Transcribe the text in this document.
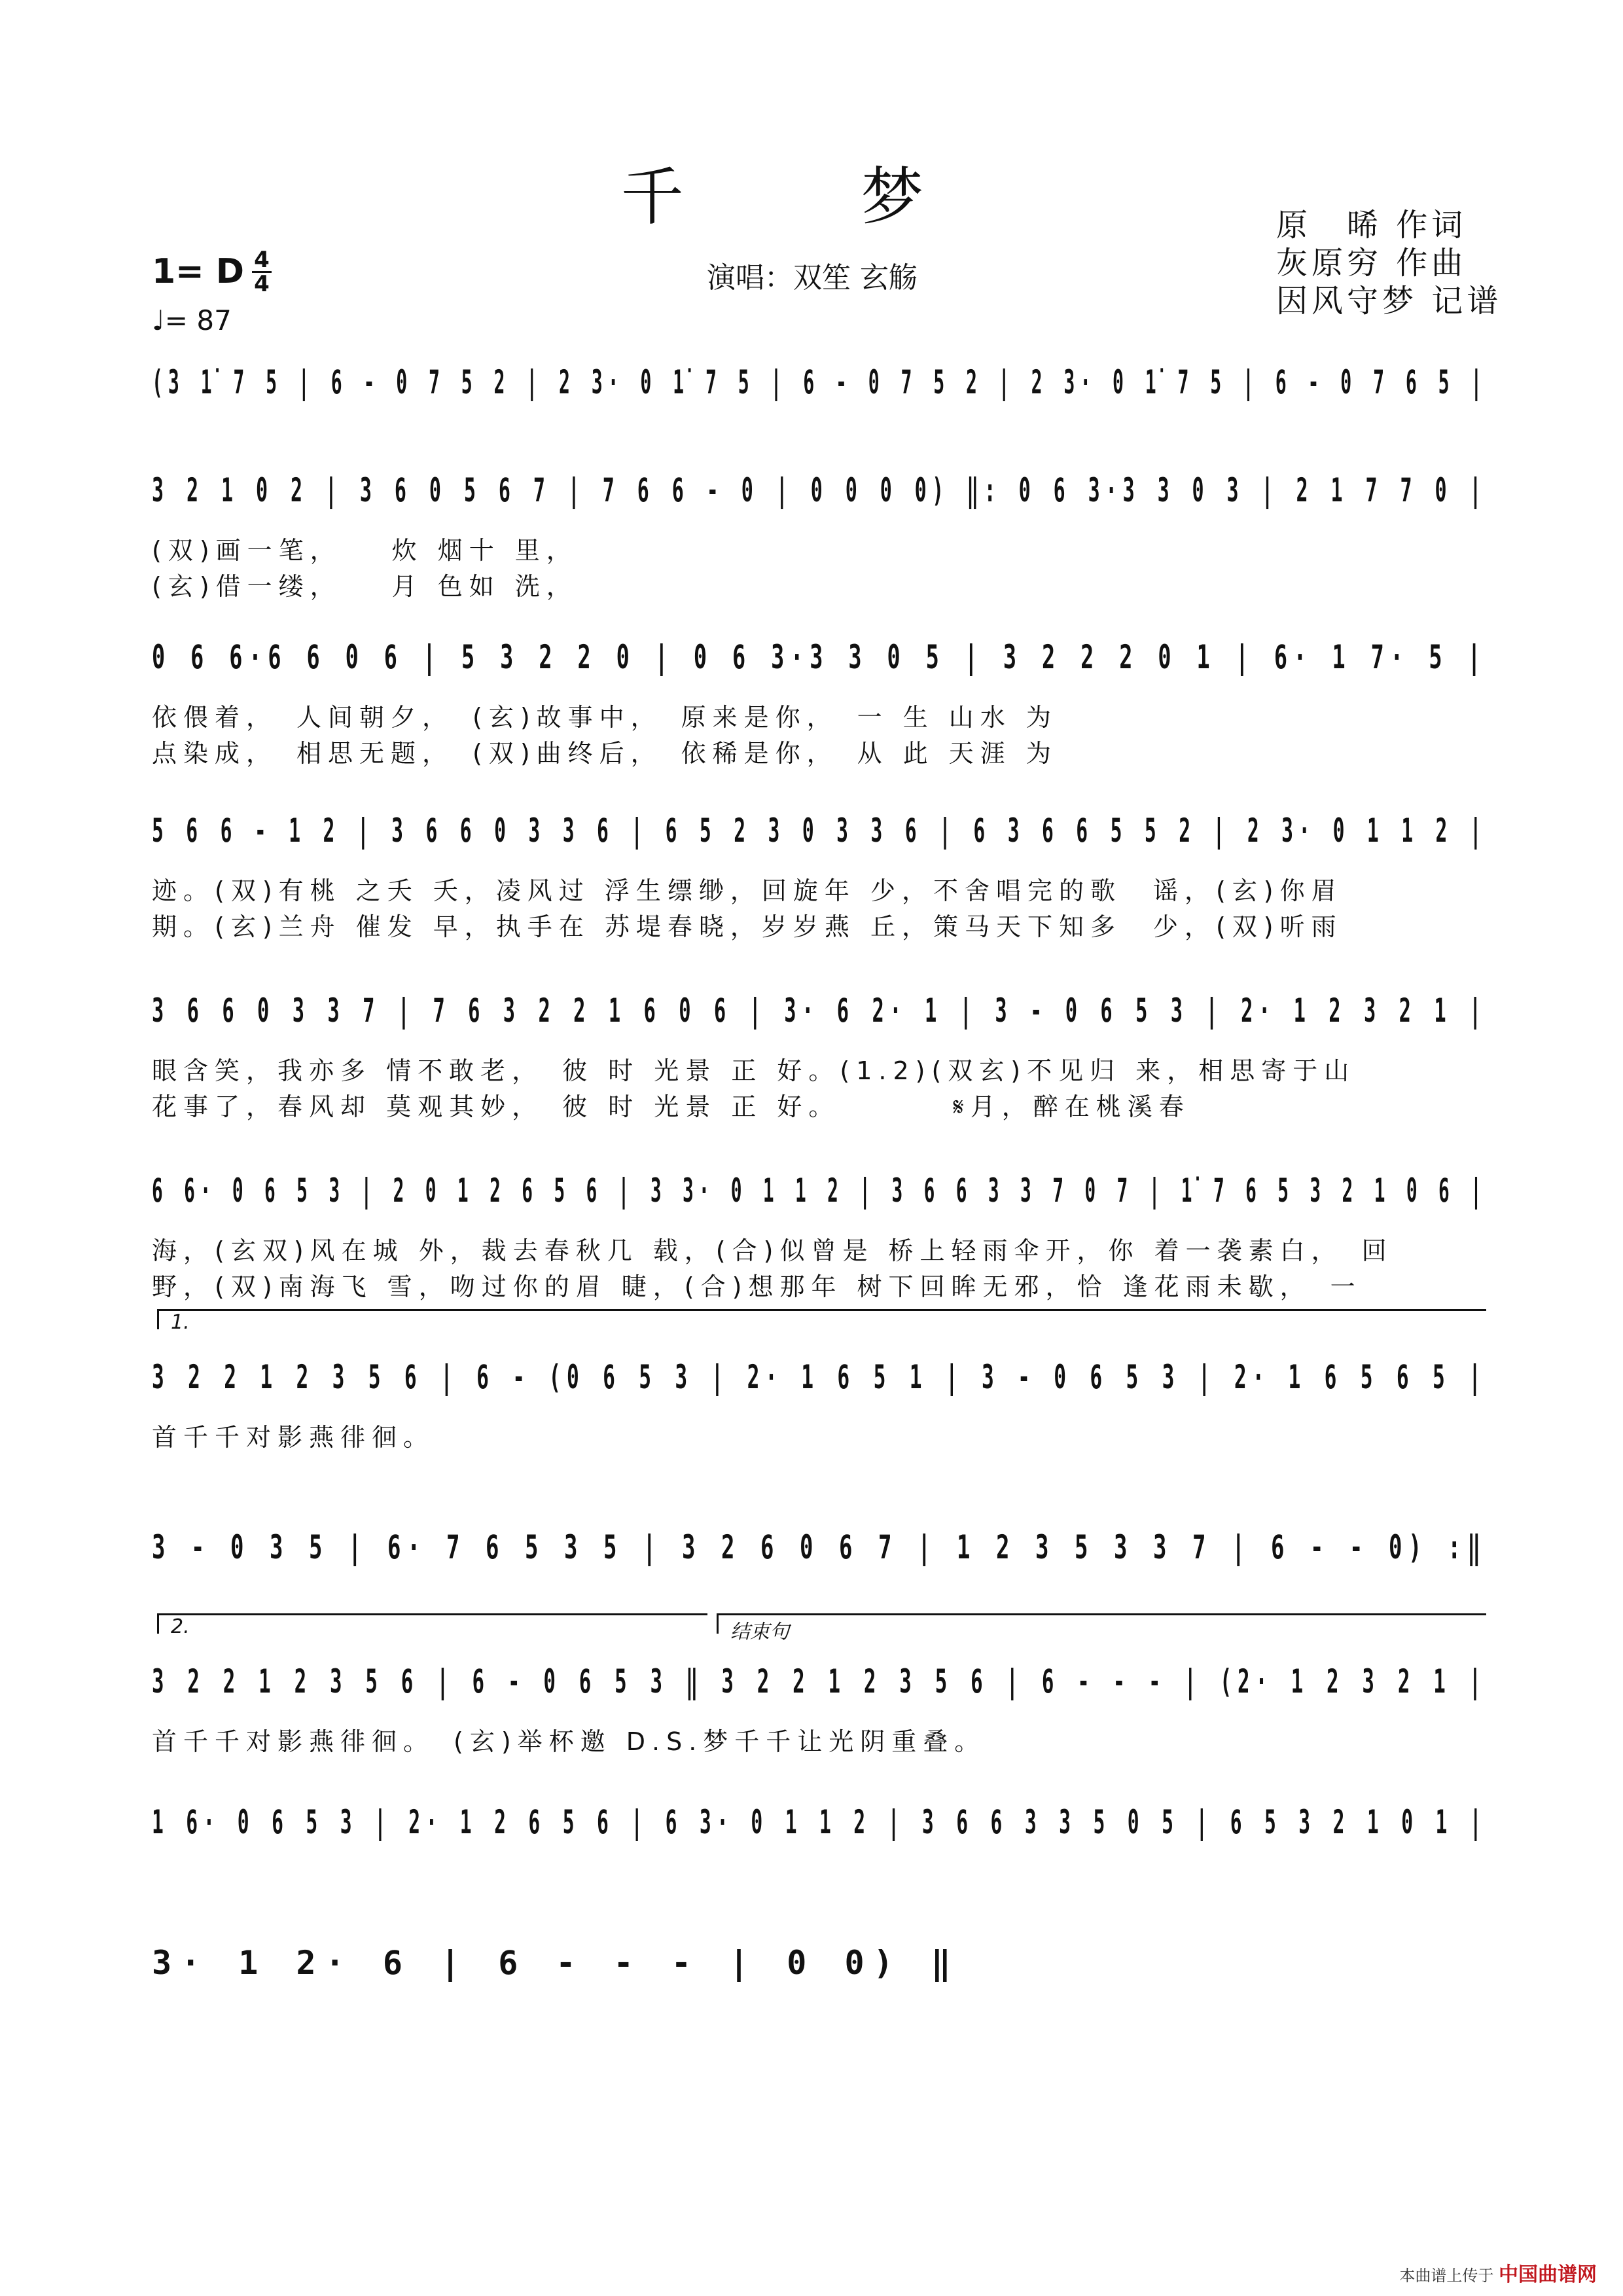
千 梦	原　晞 作词
灰原穷 作曲
因风守梦 记谱
1= D 4
4
♩= 87
演唱：双笙 玄觞
(3 1̇ 7 5 | 6 - 0 7 5 2 | 2 3· 0 1̇ 7 5 | 6 - 0 7 5 2 | 2 3· 0 1̇ 7 5 | 6 - 0 7 6 5 |
3 2 1 0 2 | 3 6 0 5 6 7 | 7 6 6 - 0 | 0 0 0 0) ‖: 0 6 3·3 3 0 3 | 2 1 7 7 0 |
(双)画一笔，　　炊 烟十 里，
(玄)借一缕，　　月 色如 洗，
0 6 6·6 6 0 6 | 5 3 2 2 0 | 0 6 3·3 3 0 5 | 3 2 2 2 0 1 | 6· 1 7· 5 |
依偎着，　人间朝夕，　(玄)故事中，　原来是你，　一 生 山水 为
点染成，　相思无题，　(双)曲终后，　依稀是你，　从 此 天涯 为
5 6 6 - 1 2 | 3 6 6 0 3 3 6 | 6 5 2 3 0 3 3 6 | 6 3 6 6 5 5 2 | 2 3· 0 1 1 2 |
迹。(双)有桃 之夭 夭，凌风过 浮生缥缈，回旋年 少，不舍唱完的歌　谣，(玄)你眉
期。(玄)兰舟 催发 早，执手在 苏堤春晓，岁岁燕 丘，策马天下知多　少，(双)听雨
3 6 6 0 3 3 7 | 7 6 3 2 2 1 6 0 6 | 3· 6 2· 1 | 3 - 0 6 5 3 | 2· 1 2 3 2 1 |
眼含笑，我亦多 情不敢老，　彼 时 光景 正 好。(1.2)(双玄)不见归 来，相思寄于山
花事了，春风却 莫观其妙，　彼 时 光景 正 好。　　　　𝄋月，醉在桃溪春
6 6· 0 6 5 3 | 2 0 1 2 6 5 6 | 3 3· 0 1 1 2 | 3 6 6 3 3 7 0 7 | 1̇ 7 6 5 3 2 1 0 6 |
海，(玄双)风在城 外，裁去春秋几 载，(合)似曾是 桥上轻雨伞开，你 着一袭素白，　回
野，(双)南海飞 雪，吻过你的眉 睫，(合)想那年 树下回眸无邪，恰 逢花雨未歇，　一
1.
3 2 2 1 2 3 5 6 | 6 - (0 6 5 3 | 2· 1 6 5 1 | 3 - 0 6 5 3 | 2· 1 6 5 6 5 |
首千千对影燕徘徊。
3 - 0 3 5 | 6· 7 6 5 3 5 | 3 2 6 0 6 7 | 1 2 3 5 3 3 7 | 6 - - 0) :‖
2.	结束句
3 2 2 1 2 3 5 6 | 6 - 0 6 5 3 ‖ 3 2 2 1 2 3 5 6 | 6 - - - | (2· 1 2 3 2 1 |
首千千对影燕徘徊。　(玄)举杯邀 D.S.梦千千让光阴重叠。
1 6· 0 6 5 3 | 2· 1 2 6 5 6 | 6 3· 0 1 1 2 | 3 6 6 3 3 5 0 5 | 6 5 3 2 1 0 1 |
3· 1 2· 6 | 6 - - - | 0 0) ‖
本曲谱上传于 中国曲谱网
